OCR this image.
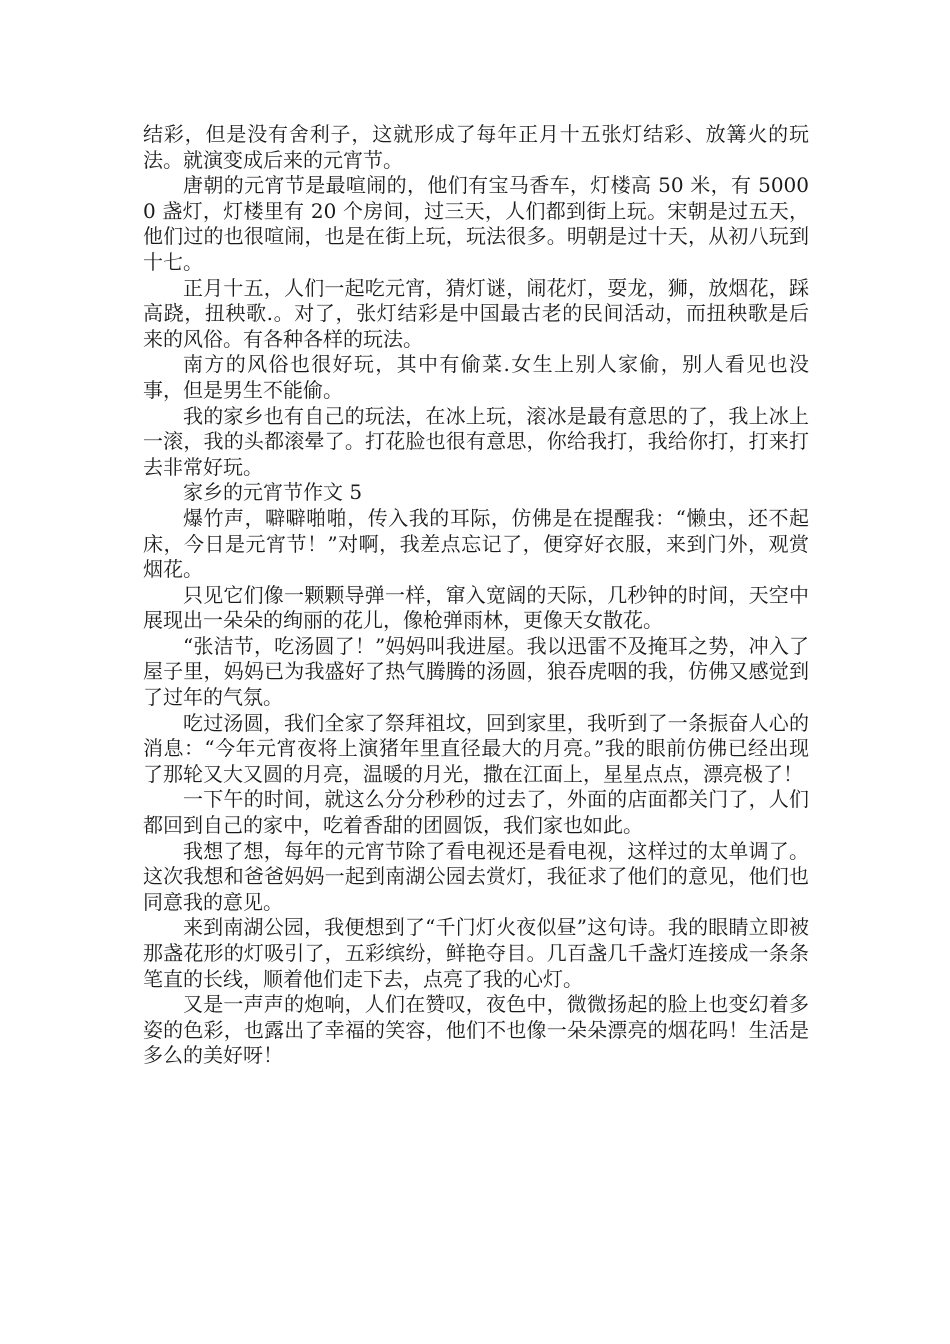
结彩，但是没有舍利子，这就形成了每年正月十五张灯结彩、放篝火的玩法。就演变成后来的元宵节。

唐朝的元宵节是最喧闹的，他们有宝马香车，灯楼高 50 米，有 50000 盏灯，灯楼里有 20 个房间，过三天，人们都到街上玩。宋朝是过五天，他们过的也很喧闹，也是在街上玩，玩法很多。明朝是过十天，从初八玩到十七。

正月十五，人们一起吃元宵，猜灯谜，闹花灯，耍龙，狮，放烟花，踩高跷，扭秧歌.。对了，张灯结彩是中国最古老的民间活动，而扭秧歌是后来的风俗。有各种各样的玩法。

南方的风俗也很好玩，其中有偷菜.女生上别人家偷，别人看见也没事，但是男生不能偷。

我的家乡也有自己的玩法，在冰上玩，滚冰是最有意思的了，我上冰上一滚，我的头都滚晕了。打花脸也很有意思，你给我打，我给你打，打来打去非常好玩。

家乡的元宵节作文 5

爆竹声，噼噼啪啪，传入我的耳际，仿佛是在提醒我：“懒虫，还不起床，今日是元宵节！”对啊，我差点忘记了，便穿好衣服，来到门外，观赏烟花。

只见它们像一颗颗导弹一样，窜入宽阔的天际，几秒钟的时间，天空中展现出一朵朵的绚丽的花儿，像枪弹雨林，更像天女散花。

“张洁节，吃汤圆了！”妈妈叫我进屋。我以迅雷不及掩耳之势，冲入了屋子里，妈妈已为我盛好了热气腾腾的汤圆，狼吞虎咽的我，仿佛又感觉到了过年的气氛。

吃过汤圆，我们全家了祭拜祖坟，回到家里，我听到了一条振奋人心的消息：“今年元宵夜将上演猪年里直径最大的月亮。”我的眼前仿佛已经出现了那轮又大又圆的月亮，温暖的月光，撒在江面上，星星点点，漂亮极了！

一下午的时间，就这么分分秒秒的过去了，外面的店面都关门了，人们都回到自己的家中，吃着香甜的团圆饭，我们家也如此。

我想了想，每年的元宵节除了看电视还是看电视，这样过的太单调了。这次我想和爸爸妈妈一起到南湖公园去赏灯，我征求了他们的意见，他们也同意我的意见。

来到南湖公园，我便想到了“千门灯火夜似昼”这句诗。我的眼睛立即被那盏花形的灯吸引了，五彩缤纷，鲜艳夺目。几百盏几千盏灯连接成一条条笔直的长线，顺着他们走下去，点亮了我的心灯。

又是一声声的炮响，人们在赞叹，夜色中，微微扬起的脸上也变幻着多姿的色彩，也露出了幸福的笑容，他们不也像一朵朵漂亮的烟花吗！生活是多么的美好呀！
